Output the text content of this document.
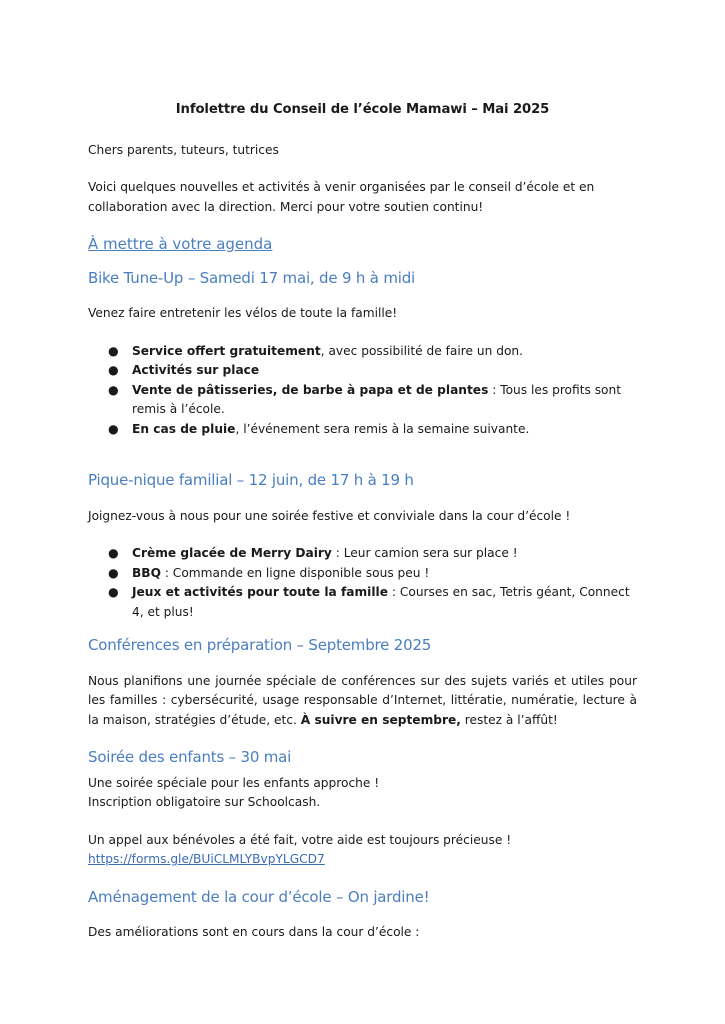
Infolettre du Conseil de l’école Mamawi – Mai 2025

Chers parents, tuteurs, tutrices

Voici quelques nouvelles et activités à venir organisées par le conseil d’école et en collaboration avec la direction. Merci pour votre soutien continu!

À mettre à votre agenda
Bike Tune-Up – Samedi 17 mai, de 9 h à midi

Venez faire entretenir les vélos de toute la famille!

● Service offert gratuitement, avec possibilité de faire un don.
● Activités sur place
● Vente de pâtisseries, de barbe à papa et de plantes : Tous les profits sont remis à l’école.
● En cas de pluie, l’événement sera remis à la semaine suivante.
Pique-nique familial – 12 juin, de 17 h à 19 h

Joignez-vous à nous pour une soirée festive et conviviale dans la cour d’école !

● Crème glacée de Merry Dairy : Leur camion sera sur place !
● BBQ : Commande en ligne disponible sous peu !
● Jeux et activités pour toute la famille : Courses en sac, Tetris géant, Connect 4, et plus!
Conférences en préparation – Septembre 2025

Nous planifions une journée spéciale de conférences sur des sujets variés et utiles pour les familles : cybersécurité, usage responsable d’Internet, littératie, numératie, lecture à la maison, stratégies d’étude, etc. À suivre en septembre, restez à l’affût!

Soirée des enfants – 30 mai

Une soirée spéciale pour les enfants approche !

Inscription obligatoire sur Schoolcash.

Un appel aux bénévoles a été fait, votre aide est toujours précieuse !

https://forms.gle/BUiCLMLYBvpYLGCD7

Aménagement de la cour d’école – On jardine!

Des améliorations sont en cours dans la cour d’école :
